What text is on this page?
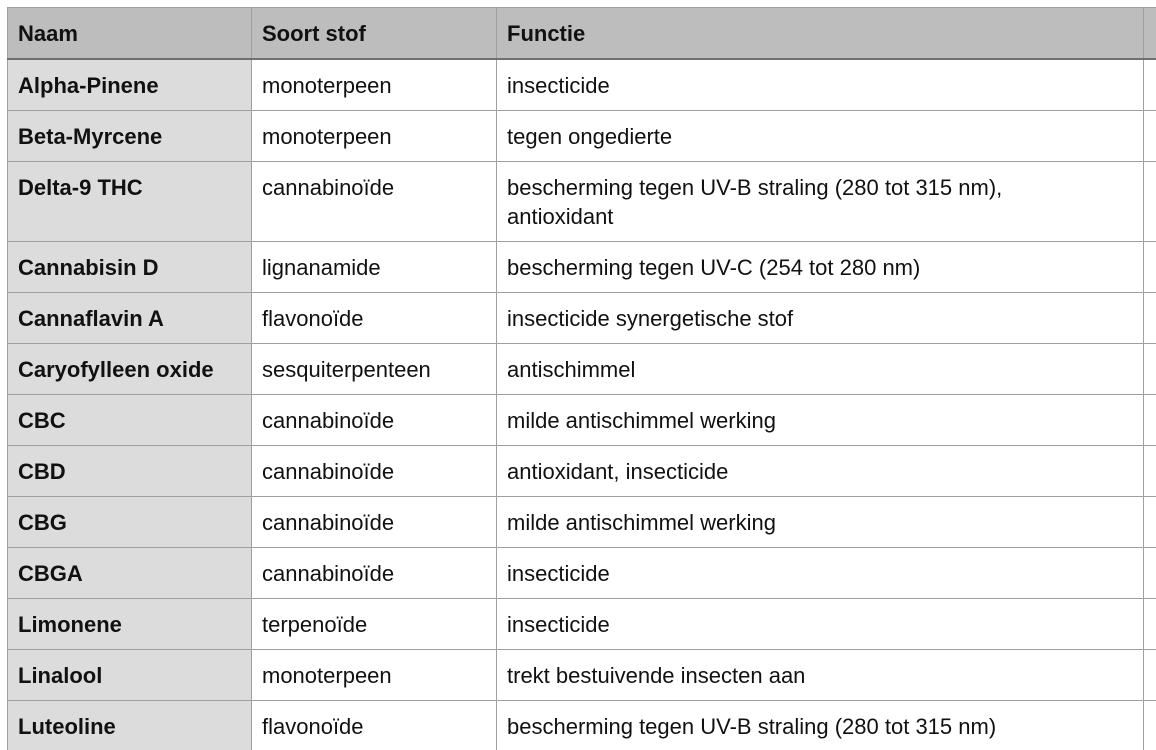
Naam	Soort stof	Functie	
Alpha-Pinene	monoterpeen	insecticide	
Beta-Myrcene	monoterpeen	tegen ongedierte	
Delta-9 THC	cannabinoïde	bescherming tegen UV-B straling (280 tot 315 nm),
antioxidant	
Cannabisin D	lignanamide	bescherming tegen UV-C (254 tot 280 nm)	
Cannaflavin A	flavonoïde	insecticide synergetische stof	
Caryofylleen oxide	sesquiterpenteen	antischimmel	
CBC	cannabinoïde	milde antischimmel werking	
CBD	cannabinoïde	antioxidant, insecticide	
CBG	cannabinoïde	milde antischimmel werking	
CBGA	cannabinoïde	insecticide	
Limonene	terpenoïde	insecticide	
Linalool	monoterpeen	trekt bestuivende insecten aan	
Luteoline	flavonoïde	bescherming tegen UV-B straling (280 tot 315 nm)	
